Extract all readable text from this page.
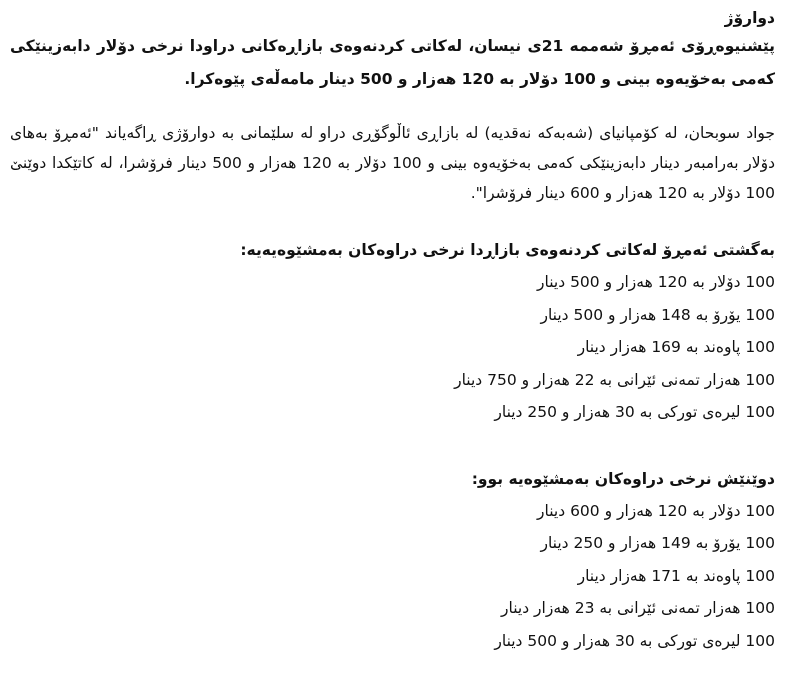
دوارۆژ

پێشنیوەڕۆی ئەمڕۆ شەممە 21ی نیسان، لەکاتی کردنەوەی بازاڕەکانی دراودا نرخی دۆلار دابەزینێکی کەمی بەخۆیەوە بینی و 100 دۆلار بە 120 هەزار و 500 دینار مامەڵەی پێوەکرا.

جواد سوبحان، لە کۆمپانیای (شەبەکە نەقدیە) لە بازاڕی ئاڵوگۆڕی دراو لە سلێمانی بە دوارۆژی ڕاگەیاند "ئەمڕۆ بەهای دۆلار بەرامبەر دینار دابەزینێکی کەمی بەخۆیەوە بینی و 100 دۆلار بە 120 هەزار و 500 دینار فرۆشرا، لە کاتێکدا دوێنێ 100 دۆلار بە 120 هەزار و 600 دینار فرۆشرا".

بەگشتی ئەمڕۆ لەکاتی کردنەوەی بازاڕدا نرخی دراوەکان بەمشێوەیەیە:

100 دۆلار بە 120 هەزار و 500 دینار
100 یۆرۆ بە 148 هەزار و 500 دینار
100 پاوەند بە 169 هەزار دینار
100 هەزار تمەنی ئێرانی بە 22 هەزار و 750 دینار
100 لیرەی تورکی بە 30 هەزار و 250 دینار

دوێنێش نرخی دراوەکان بەمشێوەیە بوو:

100 دۆلار بە 120 هەزار و 600 دینار
100 یۆرۆ بە 149 هەزار و 250 دینار
100 پاوەند بە 171 هەزار دینار
100 هەزار تمەنی ئێرانی بە 23 هەزار دینار
100 لیرەی تورکی بە 30 هەزار و 500 دینار
